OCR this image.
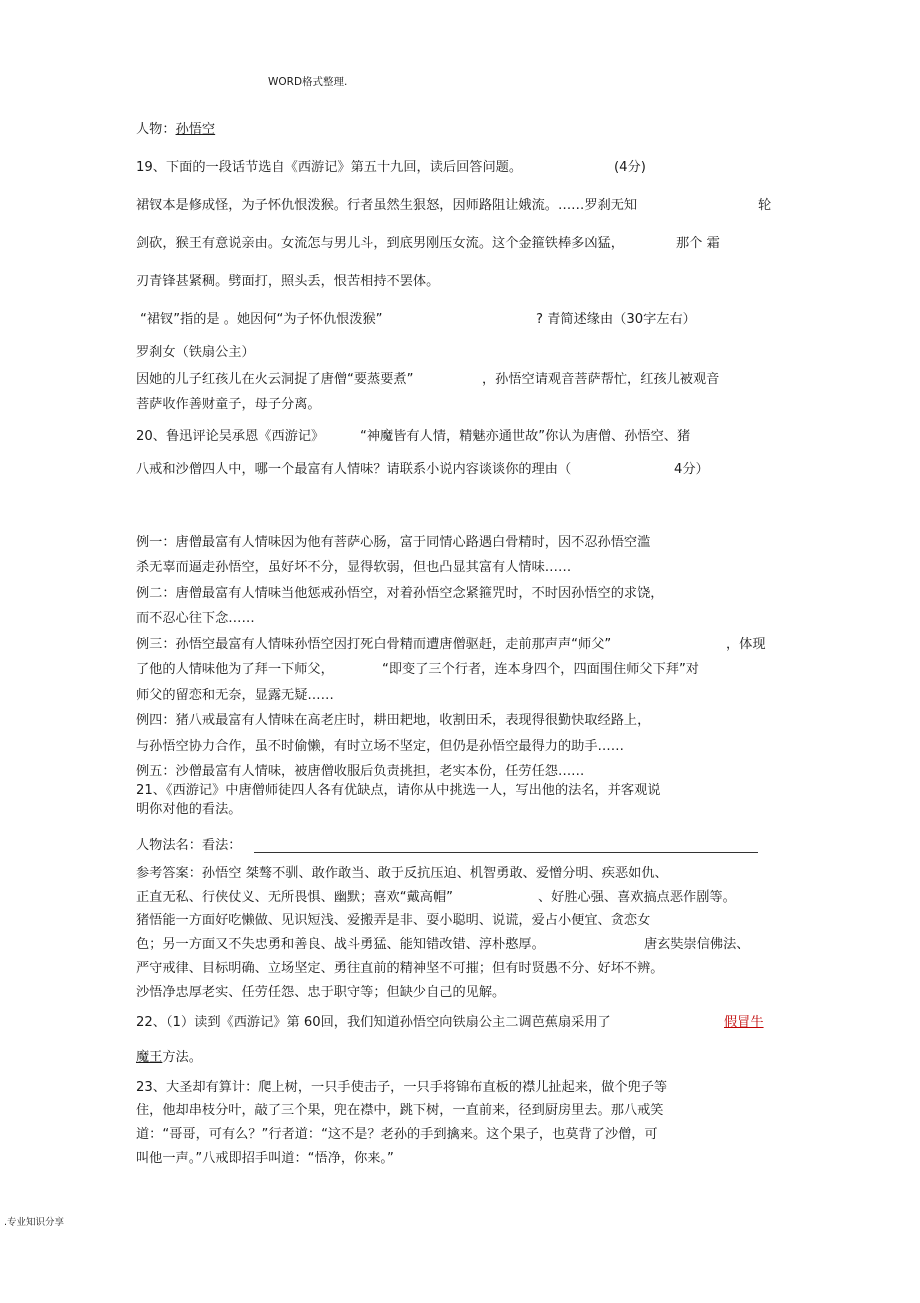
WORD格式整理.
人物：孙悟空
19、下面的一段话节选自《西游记》第五十九回，读后回答问题。	(4分)
裙钗本是修成怪，为子怀仇恨泼猴。行者虽然生狠怒，因师路阻让娥流。……罗刹无知	轮
剑砍，猴王有意说亲由。女流怎与男儿斗，到底男刚压女流。这个金箍铁棒多凶猛，	那个 霜
刃青锋甚紧稠。劈面打，照头丢，恨苦相持不罢体。
“裙钗”指的是 。她因何“为子怀仇恨泼猴”	? 青简述缘由（30字左右）
罗刹女（铁扇公主）
因她的儿子红孩儿在火云洞捉了唐僧“要蒸要煮”	，孙悟空请观音菩萨帮忙，红孩儿被观音
菩萨收作善财童子，母子分离。
20、鲁迅评论吴承恩《西游记》	“神魔皆有人情，精魅亦通世故”你认为唐僧、孙悟空、猪
八戒和沙僧四人中，哪一个最富有人情味？请联系小说内容谈谈你的理由（	4分）
例一：唐僧最富有人情味因为他有菩萨心肠，富于同情心路遇白骨精时，因不忍孙悟空滥
杀无辜而逼走孙悟空，虽好坏不分，显得软弱，但也凸显其富有人情味……
例二：唐僧最富有人情味当他惩戒孙悟空，对着孙悟空念紧箍咒时，不时因孙悟空的求饶，
而不忍心往下念……
例三：孙悟空最富有人情味孙悟空因打死白骨精而遭唐僧驱赶，走前那声声“师父”	，体现
了他的人情味他为了拜一下师父，	“即变了三个行者，连本身四个，四面围住师父下拜”对
师父的留恋和无奈，显露无疑……
例四：猪八戒最富有人情味在高老庄时，耕田耙地，收割田禾，表现得很勤快取经路上，
与孙悟空协力合作，虽不时偷懒，有时立场不坚定，但仍是孙悟空最得力的助手……
例五：沙僧最富有人情味，被唐僧收服后负责挑担，老实本份，任劳任怨……
21、《西游记》中唐僧师徒四人各有优缺点，请你从中挑选一人，写出他的法名，并客观说
明你对他的看法。
人物法名：看法：
参考答案：孙悟空 桀骜不驯、敢作敢当、敢于反抗压迫、机智勇敢、爱憎分明、疾恶如仇、
正直无私、行侠仗义、无所畏惧、幽默；喜欢“戴高帽”	、好胜心强、喜欢搞点恶作剧等。
猪悟能一方面好吃懒做、见识短浅、爱搬弄是非、耍小聪明、说谎，爱占小便宜、贪恋女
色；另一方面又不失忠勇和善良、战斗勇猛、能知错改错、淳朴憨厚。	唐玄奘崇信佛法、
严守戒律、目标明确、立场坚定、勇往直前的精神坚不可摧；但有时贤愚不分、好坏不辨。
沙悟净忠厚老实、任劳任怨、忠于职守等；但缺少自己的见解。
22、（1）读到《西游记》第 60回，我们知道孙悟空向铁扇公主二调芭蕉扇采用了	假冒牛
魔王方法。
23、大圣却有算计：爬上树，一只手使击子，一只手将锦布直板的襟儿扯起来，做个兜子等
住，他却串枝分叶，敲了三个果，兜在襟中，跳下树，一直前来，径到厨房里去。那八戒笑
道：“哥哥，可有么？”行者道：“这不是？老孙的手到擒来。这个果子，也莫背了沙僧，可
叫他一声。”八戒即招手叫道：“悟净，你来。”
.专业知识分享
